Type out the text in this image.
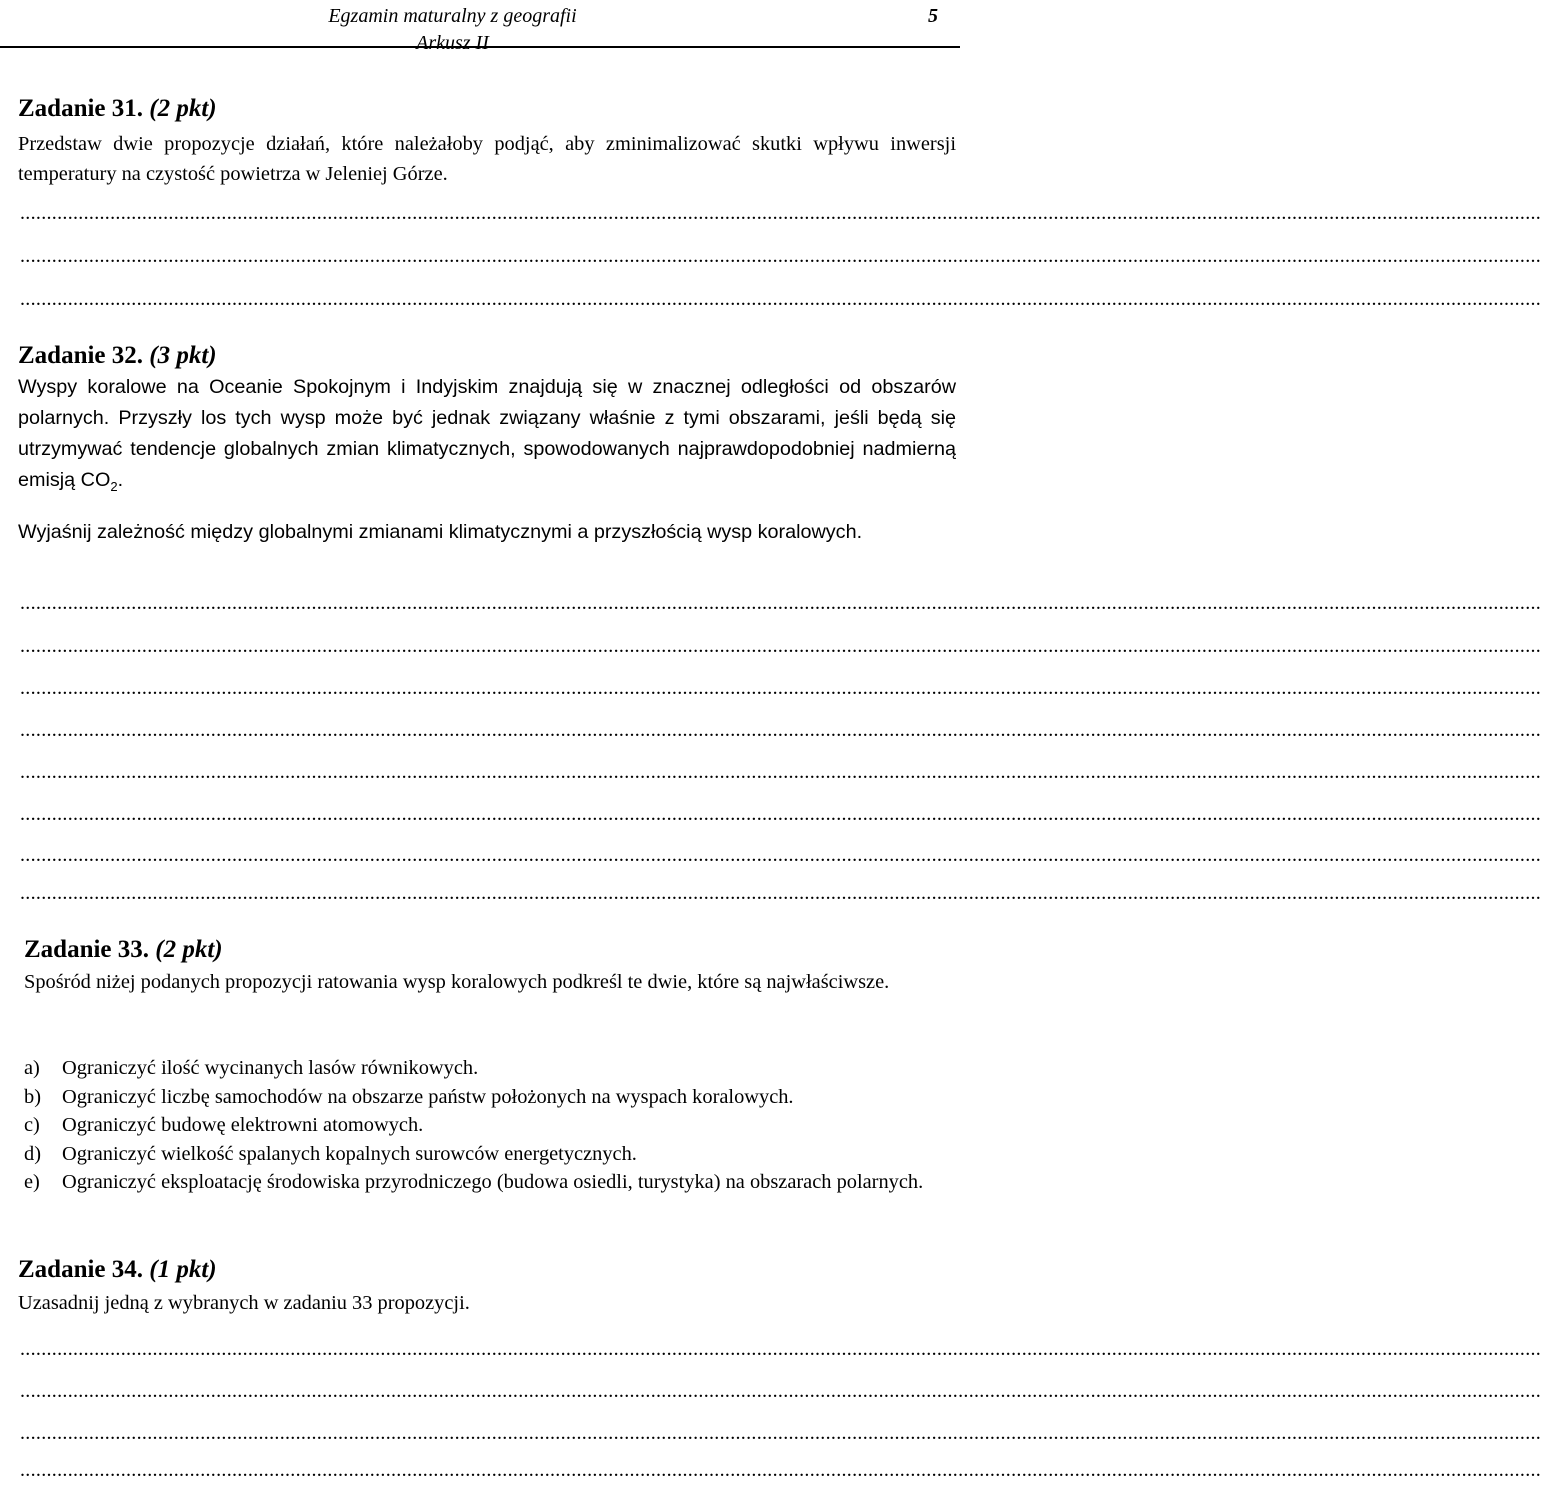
Egzamin maturalny z geografii
Arkusz II
5
Zadanie 31. (2 pkt)

Przedstaw dwie propozycje działań, które należałoby podjąć, aby zminimalizować skutki wpływu inwersji temperatury na czystość powietrza w Jeleniej Górze.

...............................................................................................................................................................................................................................................................................................
...............................................................................................................................................................................................................................................................................................
...............................................................................................................................................................................................................................................................................................
Zadanie 32. (3 pkt)

Wyspy koralowe na Oceanie Spokojnym i Indyjskim znajdują się w znacznej odległości od obszarów polarnych. Przyszły los tych wysp może być jednak związany właśnie z tymi obszarami, jeśli będą się utrzymywać tendencje globalnych zmian klimatycznych, spowodowanych najprawdopodobniej nadmierną emisją $CO_2$.

Wyjaśnij zależność między globalnymi zmianami klimatycznymi a przyszłością wysp koralowych.

...............................................................................................................................................................................................................................................................................................
...............................................................................................................................................................................................................................................................................................
...............................................................................................................................................................................................................................................................................................
...............................................................................................................................................................................................................................................................................................
...............................................................................................................................................................................................................................................................................................
...............................................................................................................................................................................................................................................................................................
...............................................................................................................................................................................................................................................................................................
...............................................................................................................................................................................................................................................................................................
Zadanie 33. (2 pkt)

Spośród niżej podanych propozycji ratowania wysp koralowych podkreśl te dwie, które są najwłaściwsze.

a) Ograniczyć ilość wycinanych lasów równikowych.
b) Ograniczyć liczbę samochodów na obszarze państw położonych na wyspach koralowych.
c) Ograniczyć budowę elektrowni atomowych.
d) Ograniczyć wielkość spalanych kopalnych surowców energetycznych.
e) Ograniczyć eksploatację środowiska przyrodniczego (budowa osiedli, turystyka) na obszarach polarnych.
Zadanie 34. (1 pkt)

Uzasadnij jedną z wybranych w zadaniu 33 propozycji.

...............................................................................................................................................................................................................................................................................................
...............................................................................................................................................................................................................................................................................................
...............................................................................................................................................................................................................................................................................................
...............................................................................................................................................................................................................................................................................................
